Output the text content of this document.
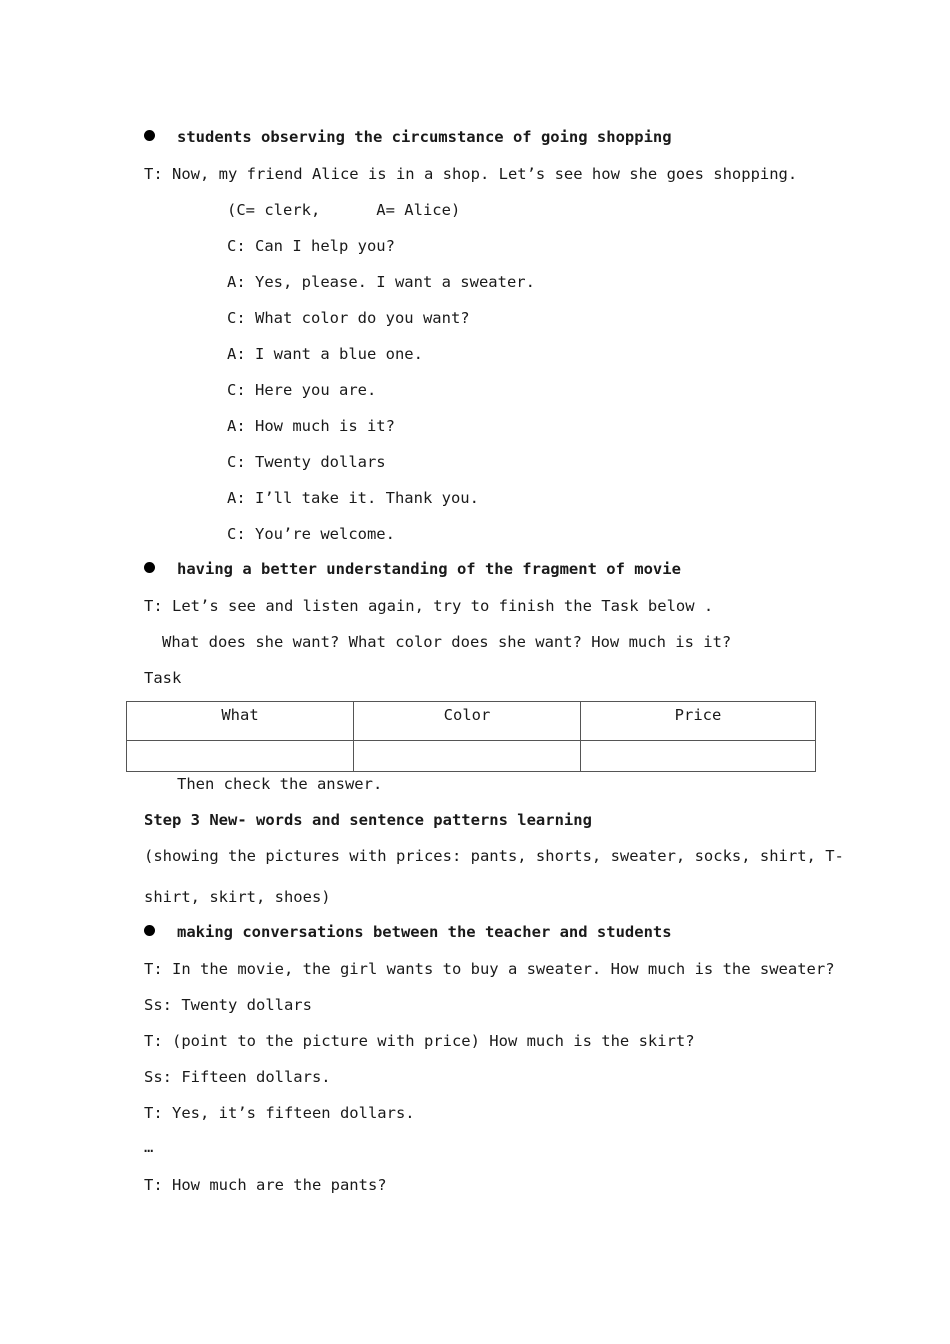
students observing the circumstance of going shopping

T: Now, my friend Alice is in a shop. Let’s see how she goes shopping.

(C= clerk,      A= Alice)

C: Can I help you?

A: Yes, please. I want a sweater.

C: What color do you want?

A: I want a blue one.

C: Here you are.

A: How much is it?

C: Twenty dollars

A: I’ll take it. Thank you.

C: You’re welcome.

having a better understanding of the fragment of movie

T: Let’s see and listen again, try to finish the Task below .

What does she want? What color does she want? How much is it?

Task

What	Color	Price

Then check the answer.

Step 3 New- words and sentence patterns learning

(showing the pictures with prices: pants, shorts, sweater, socks, shirt, T-

shirt, skirt, shoes)

making conversations between the teacher and students

T: In the movie, the girl wants to buy a sweater. How much is the sweater?

Ss: Twenty dollars

T: (point to the picture with price) How much is the skirt?

Ss: Fifteen dollars.

T: Yes, it’s fifteen dollars.

…

T: How much are the pants?
